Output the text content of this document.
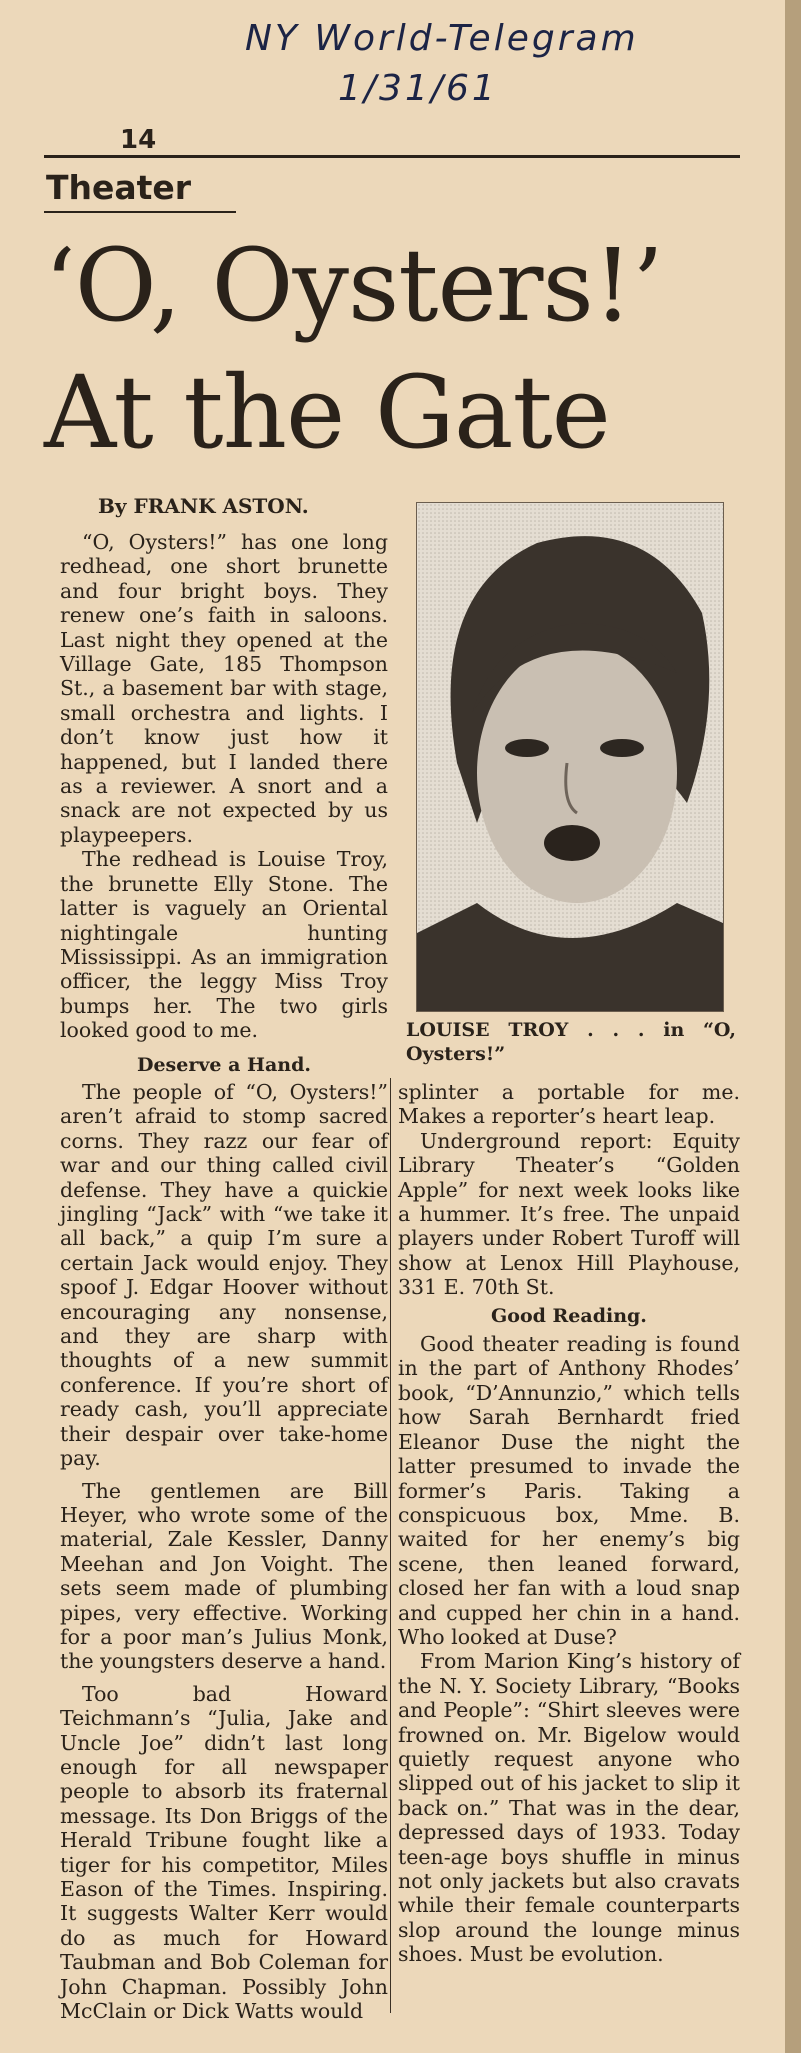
NY World-Telegram
1/31/61
14
Theater
‘O, Oysters!’
At the Gate
By FRANK ASTON.

“O, Oysters!” has one long redhead, one short brunette and four bright boys. They renew one’s faith in saloons. Last night they opened at the Village Gate, 185 Thompson St., a basement bar with stage, small orchestra and lights. I don’t know just how it happened, but I landed there as a reviewer. A snort and a snack are not expected by us playpeepers.

The redhead is Louise Troy, the brunette Elly Stone. The latter is vaguely an Oriental nightingale hunting Mississippi. As an immigration officer, the leggy Miss Troy bumps her. The two girls looked good to me.

Deserve a Hand.
LOUISE TROY . . . in “O, Oysters!”

The people of “O, Oysters!” aren’t afraid to stomp sacred corns. They razz our fear of war and our thing called civil defense. They have a quickie jingling “Jack” with “we take it all back,” a quip I’m sure a certain Jack would enjoy. They spoof J. Edgar Hoover without encouraging any nonsense, and they are sharp with thoughts of a new summit conference. If you’re short of ready cash, you’ll appreciate their despair over take-home pay.

The gentlemen are Bill Heyer, who wrote some of the material, Zale Kessler, Danny Meehan and Jon Voight. The sets seem made of plumbing pipes, very effective. Working for a poor man’s Julius Monk, the youngsters deserve a hand.

Too bad Howard Teichmann’s “Julia, Jake and Uncle Joe” didn’t last long enough for all newspaper people to absorb its fraternal message. Its Don Briggs of the Herald Tribune fought like a tiger for his competitor, Miles Eason of the Times. Inspiring. It suggests Walter Kerr would do as much for Howard Taubman and Bob Coleman for John Chapman. Possibly John McClain or Dick Watts would

splinter a portable for me. Makes a reporter’s heart leap.

Underground report: Equity Library Theater’s “Golden Apple” for next week looks like a hummer. It’s free. The unpaid players under Robert Turoff will show at Lenox Hill Playhouse, 331 E. 70th St.

Good Reading.

Good theater reading is found in the part of Anthony Rhodes’ book, “D’Annunzio,” which tells how Sarah Bernhardt fried Eleanor Duse the night the latter presumed to invade the former’s Paris. Taking a conspicuous box, Mme. B. waited for her enemy’s big scene, then leaned forward, closed her fan with a loud snap and cupped her chin in a hand. Who looked at Duse?

From Marion King’s history of the N. Y. Society Library, “Books and People”: “Shirt sleeves were frowned on. Mr. Bigelow would quietly request anyone who slipped out of his jacket to slip it back on.” That was in the dear, depressed days of 1933. Today teen-age boys shuffle in minus not only jackets but also cravats while their female counterparts slop around the lounge minus shoes. Must be evolution.
